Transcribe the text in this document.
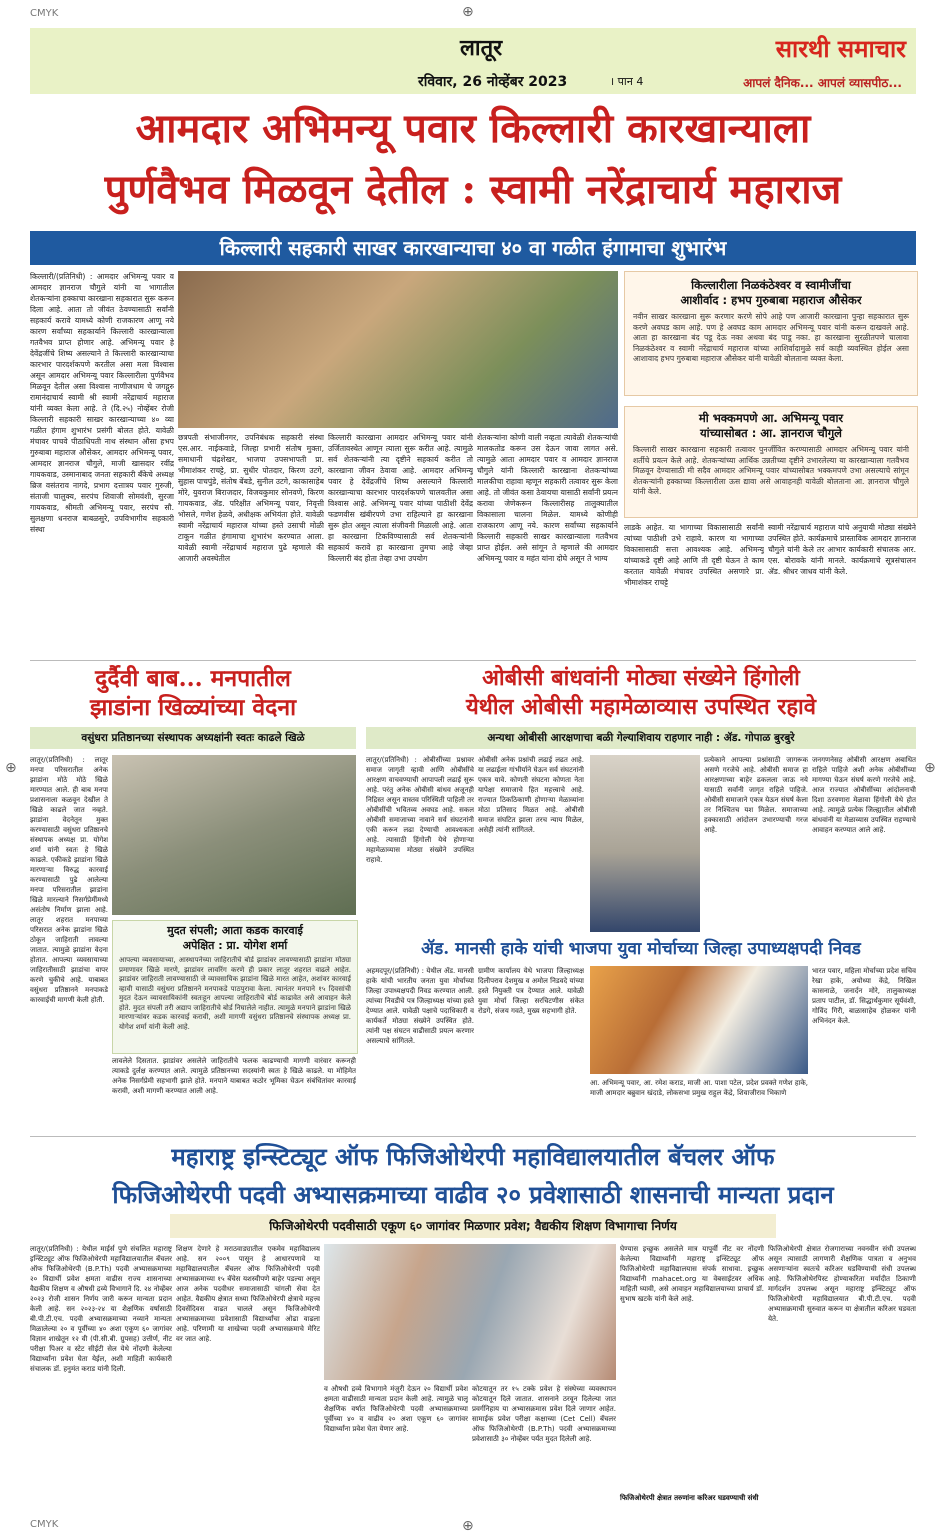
CMYK
CMYK
⊕
⊕
⊕	⊕
लातूर	सारथी समाचार
रविवार, 26 नोव्हेंबर 2023	। पान 4	आपलं दैनिक... आपलं व्यासपीठ...
आमदार अभिमन्यू पवार किल्लारी कारखान्याला
पुर्णवैभव मिळवून देतील : स्वामी नरेंद्राचार्य महाराज
किल्लारी सहकारी साखर कारखान्याचा ४० वा गळीत हंगामाचा शुभारंभ
किल्लारी/(प्रतिनिधी) : आमदार अभिमन्यू पवार व आमदार ज्ञानराज चौगुले यांनी या भागातील शेतकऱ्यांना हक्काचा कारखाना सहकारात सुरू करून दिला आहे. आता तो जीवंत ठेवण्यासाठी सर्वांनी सहकार्य करावे यामध्ये कोणी राजकारण आणू नये कारण सर्वांच्या सहकार्याने किल्लारी कारखान्याला गतवैभव प्राप्त होणार आहे. अभिमन्यू पवार हे देवेंद्रजींचे शिष्य असल्याने ते किल्लारी कारखान्याचा कारभार पारदर्शकपणे करतील असा मला विश्वास असून आमदार अभिमन्यू पवार किल्लारीला पुर्णवैभव मिळवून देतील असा विश्वास नाणीजधाम चे जगद्गुरु रामानंदाचार्य स्वामी श्री स्वामी नरेंद्राचार्य महाराज यांनी व्यक्त केला आहे. ते (दि.२५) नोव्हेंबर रोजी किल्लारी सहकारी साखर कारखान्याच्या ४० व्या गळीत हंगाम शुभारंभ प्रसंगी बोलत होते. यावेळी मंचावर पाचवे पीठाधिपती नाथ संस्थान औसा हभप गुरुबाबा महाराज औसेकर, आमदार अभिमन्यू पवार, आमदार ज्ञानराज चौगुले, माजी खासदार रवींद्र गायकवाड, उस्मानाबाद जनता सहकारी बँकेचे अध्यक्ष ब्रिज वसंतराव नागदे, प्रभाग दत्तात्रय पवार गुरुजी, संताजी चालुक्य, सरपंच शिवाजी सोमवंशी, सुरजा गायकवाड, श्रीमती अभिमन्यू पवार, सरपंच सौ. सुलक्षणा धनराज बाबळसुरे, उपविभागीय सहकारी संस्था
छत्रपती संभाजीनगर, उपनिबंधक सहकारी संस्था एस.आर. नाईकवाडे, जिल्हा प्रभारी संतोष मुक्ता, समाधानी चंद्रशेखर, भाजपा उपसभापती प्रा. भीमाशंकर राचट्टे, प्रा. सुधीर पोतदार, किरण उटगे, सुहास पाचपुंडे, संतोष बेंबडे, सुनील उटगे, काकासाहेब मोरे, युवराज बिराजदार, विजयकुमार सोनवणे, किरण गायकवाड, ॲड. परिक्षीत अभिमन्यू पवार, निवृत्ती भोसले, गणेश हेळवे, अधीक्षक अभियंता होते. यावेळी स्वामी नरेंद्राचार्य महाराज यांच्या हस्ते उसाची मोळी टाकून गळीत हंगामाचा शुभारंभ करण्यात आला. यावेळी स्वामी नरेंद्राचार्य महाराज पुढे म्हणाले की आजारी अवस्थेतील
किल्लारी कारखाना आमदार अभिमन्यू पवार यांनी उर्जितावस्थेत आणून त्याला सुरू करीत आहे. त्यामुळे सर्व शेतकऱ्यांनी त्या दृष्टीने सहकार्य करीत तो कारखाना जीवन ठेवावा आहे. आमदार अभिमन्यू पवार हे देवेंद्रजींचे शिष्य असल्याने किल्लारी कारखान्याचा कारभार पारदर्शकपणे चालवतील असा विश्वास आहे. अभिमन्यू पवार यांच्या पाठीशी देवेंद्र फडणवीस खंबीरपणे उभा राहिल्याने हा कारखाना सुरू होत असून त्याला संजीवनी मिळाली आहे. आता हा कारखाना टिकविण्यासाठी सर्व शेतकऱ्यांनी सहकार्य करावे हा कारखाना तुमचा आहे जेव्हा किल्लारी बंद होता तेव्हा उभा उपयोग
शेतकऱ्यांना कोणी वाली नव्हता त्यावेळी शेतकऱ्यांची मालकतोड करून उस देऊन जावा लागत असे. त्यामुळे आता आमदार पवार व आमदार ज्ञानराज चौगुले यांनी किल्लारी कारखाना शेतकऱ्यांच्या मालकीचा राहावा म्हणून सहकारी तत्वावर सुरू केला आहे. तो जीवंत कसा ठेवायचा यासाठी सर्वांनी प्रयत्न करावा जेणेकरून किल्लारीसह तालुक्यातील विकासाला चालना मिळेल. यामध्ये कोणीही राजकारण आणू नये. कारण सर्वांच्या सहकार्याने किल्लारी सहकारी साखर कारखान्याला गतवैभव प्राप्त होईल. असे सांगून ते म्हणाले की आमदार अभिमन्यू पवार व महंत यांना दोघे असून ते भाग्य
किल्लारीला निळकंठेश्वर व स्वामीजींचा
आशीर्वाद : हभप गुरुबाबा महाराज औसेकर
नवीन साखर कारखाना सुरू करणार करणे सोपे आहे पण आजारी कारखाना पुन्हा सहकारात सुरू करणे अवघड काम आहे. पण हे अवघड काम आमदार अभिमन्यू पवार यांनी करून दाखवले आहे. आता हा कारखाना बंद पडू देऊ नका अथवा बंद पाडू नका. हा कारखाना सुरळीतपणे चालावा निळकंठेश्वर व स्वामी नरेंद्राचार्य महाराज यांच्या आशिर्वादामुळे सर्व काही व्यवस्थित होईल असा आशावाद हभप गुरुबाबा महाराज औसेकर यांनी यावेळी बोलताना व्यक्त केला.
मी भक्कमपणे आ. अभिमन्यू पवार
यांच्यासोबत : आ. ज्ञानराज चौगुले
किल्लारी साखर कारखाना सहकारी तत्वावर पुनर्जीवित करण्यासाठी आमदार अभिमन्यू पवार यांनी शर्तीचे प्रयत्न केले आहे. शेतकऱ्यांच्या आर्थिक उन्नतीच्या दृष्टीने उभारलेल्या या कारखान्याला गतवैभव मिळवून देण्यासाठी मी सदैव आमदार अभिमन्यू पवार यांच्यासोबत भक्कमपणे उभा असल्याचे सांगून शेतकऱ्यांनी हक्काच्या किल्लारीला ऊस द्यावा असे आवाहनही यावेळी बोलताना आ. ज्ञानराज चौगुले यांनी केले.
लाडके आहेत. या भागाच्या विकासासाठी सर्वांनी त्यांच्या पाठीशी उभे राहावे. कारण या भागाच्या विकासासाठी सत्ता आवश्यक आहे. अभिमन्यू यांच्याकडे दृष्टी आहे आणि ती दृष्टी घेऊन ते काम करतात यावेळी मंचावर उपस्थित असणारे प्रा. भीमाशंकर राचट्टे
स्वामी नरेंद्राचार्य महाराज यांचे अनुयायी मोठ्या संख्येने उपस्थित होते. कार्यक्रमाचे प्रास्ताविक आमदार ज्ञानराज चौगुले यांनी केले तर आभार कार्यकारी संचालक आर. एस. बोरावके यांनी मानले. कार्यक्रमाचे सूत्रसंचालन ॲड. श्रीधर जाधव यांनी केले.
दुर्दैवी बाब... मनपातील
झाडांना खिळ्यांच्या वेदना
वसुंधरा प्रतिष्ठानच्या संस्थापक अध्यक्षांनी स्वतः काढले खिळे
लातूर/(प्रतिनिधी) : लातूर मनपा परिसरातील अनेक झाडांना मोठे मोठे खिळे मारण्यात आले. ही बाब मनपा प्रशासनाला कळवून देखील ते खिळे काढले जात नव्हते. झाडांना वेदनेतून मुक्त करण्यासाठी वसुंधरा प्रतिष्ठानचे संस्थापक अध्यक्ष प्रा. योगेश शर्मा यांनी स्वतः हे खिळे काढले. एकीकडे झाडांना खिळे मारणाऱ्या विरुद्ध कारवाई करण्यासाठी पुढे आलेल्या मनपा परिसरातील झाडांना खिळे मारल्याने निसर्गप्रेमींमध्ये असंतोष निर्माण झाला आहे. लातूर शहरात मनपाच्या परिसरात अनेक झाडांना खिळे ठोकून जाहिराती लावल्या जातात. त्यामुळे झाडांना वेदना होतात. आपल्या व्यवसायाच्या जाहिरातीसाठी झाडांचा वापर करणे चुकीचे आहे. याबाबत वसुंधरा प्रतिष्ठानने मनपाकडे कारवाईची मागणी केली होती.
मुदत संपली; आता कडक कारवाई
अपेक्षित : प्रा. योगेश शर्मा
आपल्या व्यवसायाच्या, आस्थापनेच्या जाहिरातीचे बोर्ड झाडांवर लावण्यासाठी झाडांना मोठ्या प्रमाणावर खिळे मारणे, झाडांवर लावरिंग करणे ही प्रकार लातूर शहरात वाढले आहेत. झाडांवर जाहिराती लावण्यासाठी जे व्यावसायिक झाडांना खिळे मारत आहेत, अशांवर कारवाई व्हावी यासाठी वसुंधरा प्रतिष्ठानने मनपाकडे पाठपुरावा केला. त्यानंतर मनपाने १५ दिवसांची मुदत देऊन व्यावसायिकांनी स्वतःहून आपल्या जाहिरातीचे बोर्ड काढावेत असे आवाहन केले होते. मुदत संपली तरी अद्याप जाहिरातीचे बोर्ड निघालेले नाहीत. त्यामुळे मनपाने झाडांना खिळे मारणाऱ्यांवर कडक कारवाई करावी, अशी मागणी वसुंधरा प्रतिष्ठानचे संस्थापक अध्यक्ष प्रा. योगेश शर्मा यांनी केली आहे.
लावलेले दिसतात. झाडांवर असलेले जाहिरातीचे फलक काढण्याची मागणी वारंवार करूनही त्याकडे दुर्लक्ष करण्यात आले. त्यामुळे प्रतिष्ठानच्या सदस्यांनी स्वतः हे खिळे काढले. या मोहिमेत अनेक निसर्गप्रेमी सहभागी झाले होते. मनपाने याबाबत कठोर भूमिका घेऊन संबंधितांवर कारवाई करावी, अशी मागणी करण्यात आली आहे.
ओबीसी बांधवांनी मोठ्या संख्येने हिंगोली
येथील ओबीसी महामेळाव्यास उपस्थित रहावे
अन्यथा ओबीसी आरक्षणाचा बळी गेल्याशिवाय राहणार नाही : ॲड. गोपाळ बुरबुरे
लातूर/(प्रतिनिधी) : ओबीसींच्या प्रश्नावर समाज जागृती व्हावी आणि ओबीसींचे आरक्षण वाचवण्याची आपापली लढाई सुरू आहे. परंतु अनेक ओबीसी बांधव अजूनही निद्रिस्त असून वास्तव परिस्थिती पाहिली तर ओबीसींची भवितव्य अवघड आहे. सकल ओबीसी समाजाच्या नावाने सर्व संघटनांनी एकी करून लढा देण्याची आवश्यकता आहे. त्यासाठी हिंगोली येथे होणाऱ्या महामेळाव्यास मोठ्या संख्येने उपस्थित राहावे.
ओबीसी अनेक प्रश्नांची लढाई लढत आहे. या लढाईला गांभीर्याने घेऊन सर्व संघटनांनी एकत्र यावे. कोणती संघटना कोणता नेता यापेक्षा समाजाचे हित महत्त्वाचे आहे. राज्यात ठिकठिकाणी होणाऱ्या मेळाव्यांना मोठा प्रतिसाद मिळत आहे. ओबीसी समाज संघटित झाला तरच न्याय मिळेल, असेही त्यांनी सांगितले.
प्रत्येकाने आपल्या प्रश्नांसाठी जागरूक असणे गरजेचे आहे. ओबीसी समाज हा आरक्षणाच्या बाहेर ढकलला जाऊ नये यासाठी सर्वांनी जागृत राहिले पाहिजे. ओबीसी समाजाने एकत्र येऊन संघर्ष केला तर निश्चितच यश मिळेल. समाजाच्या हक्कासाठी आंदोलन उभारण्याची गरज आहे.
जनगणनेसह ओबीसी आरक्षण अबाधित राहिले पाहिजे अशी अनेक ओबीसींच्या मागण्या घेऊन संघर्ष करणे गरजेचे आहे. आज राज्यात ओबीसींच्या आंदोलनाची दिशा ठरवणारा मेळावा हिंगोली येथे होत आहे. त्यामुळे प्रत्येक जिल्ह्यातील ओबीसी बांधवांनी या मेळाव्यास उपस्थित राहण्याचे आवाहन करण्यात आले आहे.
ॲड. मानसी हाके यांची भाजपा युवा मोर्चाच्या जिल्हा उपाध्यक्षपदी निवड
अहमदपूर/(प्रतिनिधी) : येथील ॲड. मानसी हाके यांची भारतीय जनता युवा मोर्चाच्या जिल्हा उपाध्यक्षपदी निवड करण्यात आली. त्यांच्या निवडीचे पत्र जिल्हाध्यक्ष यांच्या हस्ते देण्यात आले. यावेळी पक्षाचे पदाधिकारी व कार्यकर्ते मोठ्या संख्येने उपस्थित होते. त्यांनी पक्ष संघटन वाढीसाठी प्रयत्न करणार असल्याचे सांगितले.
ग्रामीण कार्यालय येथे भाजपा जिल्हाध्यक्ष दिलीपराव देशमुख व अमोल निडवदे यांच्या हस्ते नियुक्ती पत्र देण्यात आले. यावेळी युवा मोर्चा जिल्हा सरचिटणीस संकेत रोडगे, संजय गवते, मुख्य सहभागी होते.
आ. अभिमन्यू पवार, आ. रमेश कराड, माजी आ. पाशा पटेल, प्रदेश प्रवक्ते गणेश हाके, माजी आमदार बब्रुवान खंदाडे, लोकसभा प्रमुख राहुल केंद्रे, शिवाजीराव भिकाणे
भारत पवार, महिला मोर्चाच्या प्रदेश सचिव रेखा हाके, अयोध्या केंद्रे, निखिल कासनाळे, जनार्दन मोरे, तालुकाध्यक्ष प्रताप पाटील, डॉ. सिद्धार्थकुमार सूर्यवंशी, गोविंद गिरी, बाळासाहेब होळकर यांनी अभिनंदन केले.
महाराष्ट्र इन्स्टिट्यूट ऑफ फिजिओथेरपी महाविद्यालयातील बॅचलर ऑफ
फिजिओथेरपी पदवी अभ्यासक्रमाच्या वाढीव २० प्रवेशासाठी शासनाची मान्यता प्रदान
फिजिओथेरपी पदवीसाठी एकूण ६० जागांवर मिळणार प्रवेश; वैद्यकीय शिक्षण विभागाचा निर्णय
लातूर/(प्रतिनिधी) : येथील माईर्स पुणे संचलित महाराष्ट्र इन्स्टिट्यूट ऑफ फिजिओथेरपी महाविद्यालयातील बॅचलर ऑफ फिजिओथेरपी (B.P.Th) पदवी अभ्यासक्रमाच्या २० विद्यार्थी प्रवेश क्षमता वाढीस राज्य शासनाच्या वैद्यकीय शिक्षण व औषधी द्रव्ये विभागाने दि. २४ नोव्हेंबर २०२३ रोजी शासन निर्णय जारी करून मान्यता प्रदान केली आहे. सन २०२३-२४ या शैक्षणिक वर्षासाठी बी.पी.टी.एच. पदवी अभ्यासक्रमाच्या नव्याने मान्यता मिळालेल्या २० व पूर्वीच्या ४० अशा एकूण ६० जागांवर विज्ञान शाखेतून १२ वी (पी.सी.बी. ग्रुपसह) उत्तीर्ण, नीट परीक्षा पिअर व स्टेट सीईटी सेल येथे नोंदणी केलेल्या विद्यार्थ्यांना प्रवेश घेता येईल, अशी माहिती कार्यकारी संचालक डॉ. हनुमंत कराड यांनी दिली.
शिक्षण देणारे हे मराठवाड्यातील एकमेव महाविद्यालय आहे. सन २००९ पासून हे आधारपणावे या महाविद्यालयातील बॅचलर ऑफ फिजिओथेरपी पदवी अभ्यासक्रमाच्या १५ बॅचेस यशस्वीपणे बाहेर पडल्या असून आज अनेक पदवीधर समाजासाठी चांगली सेवा देत आहेत. वैद्यकीय क्षेत्रात सध्या फिजिओथेरपी क्षेत्राचे महत्त्व दिवसेंदिवस वाढत चालले असून फिजिओथेरपी अभ्यासक्रमाच्या प्रवेशासाठी विद्यार्थ्यांचा ओढा वाढला आहे. परिणामी या शाखेच्या पदवी अभ्यासक्रमाचे मेरिट वर जात आहे.
व औषधी द्रव्ये विभागाने मंजुरी देऊन २० विद्यार्थी प्रवेश क्षमता वाढीसाठी मान्यता प्रदान केली आहे. त्यामुळे चालू शैक्षणिक वर्षात फिजिओथेरपी पदवी अभ्यासक्रमाच्या पूर्वीच्या ४० व वाढीव २० अशा एकूण ६० जागांवर विद्यार्थ्यांना प्रवेश घेता येणार आहे.
कोटयातून तर १५ टक्के प्रवेश हे संस्थेच्या व्यवस्थापन कोटयातून दिले जातात. शासनाने ठरवून दिलेल्या जात प्रवर्गनिहाय या अभ्यासक्रमास प्रवेश दिले जाणार आहेत. सामाईक प्रवेश परीक्षा कक्षाच्या (Cet Cell) बॅचलर ऑफ फिजिओथेरपी (B.P.Th) पदवी अभ्यासक्रमाच्या प्रवेशासाठी ३० नोव्हेंबर पर्यंत मुदत दिलेली आहे.
घेण्यास इच्छुक असलेले मात्र यापूर्वी नीट वर नोंदणी केलेल्या विद्यार्थ्यांनी महाराष्ट्र इन्स्टिट्यूट ऑफ फिजिओथेरपी महाविद्यालयास संपर्क साधावा. इच्छुक विद्यार्थ्यांनी mahacet.org या वेबसाईटवर अधिक माहिती घ्यावी, असे आवाहन महाविद्यालयाच्या प्राचार्य डॉ. सुभाष खटके यांनी केले आहे.
फिजिओथेरपी क्षेत्रात तरुणांना करिअर घडवण्याची संधी
फिजिओथेरपी क्षेत्रात रोजगाराच्या नवनवीन संधी उपलब्ध असून त्यासाठी लागणारी शैक्षणिक पात्रता व अनुभव असणाऱ्यांना स्वतःचे करिअर घडविण्याची संधी उपलब्ध आहे. फिजिओथेरपिस्ट होण्याकरिता मर्यादीत ठिकाणी मार्गदर्शन उपलब्ध असून महाराष्ट्र इन्स्टिट्यूट ऑफ फिजिओथेरपी महाविद्यालयात बी.पी.टी.एच. पदवी अभ्यासक्रमाची सुरुवात करून या क्षेत्रातील करिअर घडवता येते.
